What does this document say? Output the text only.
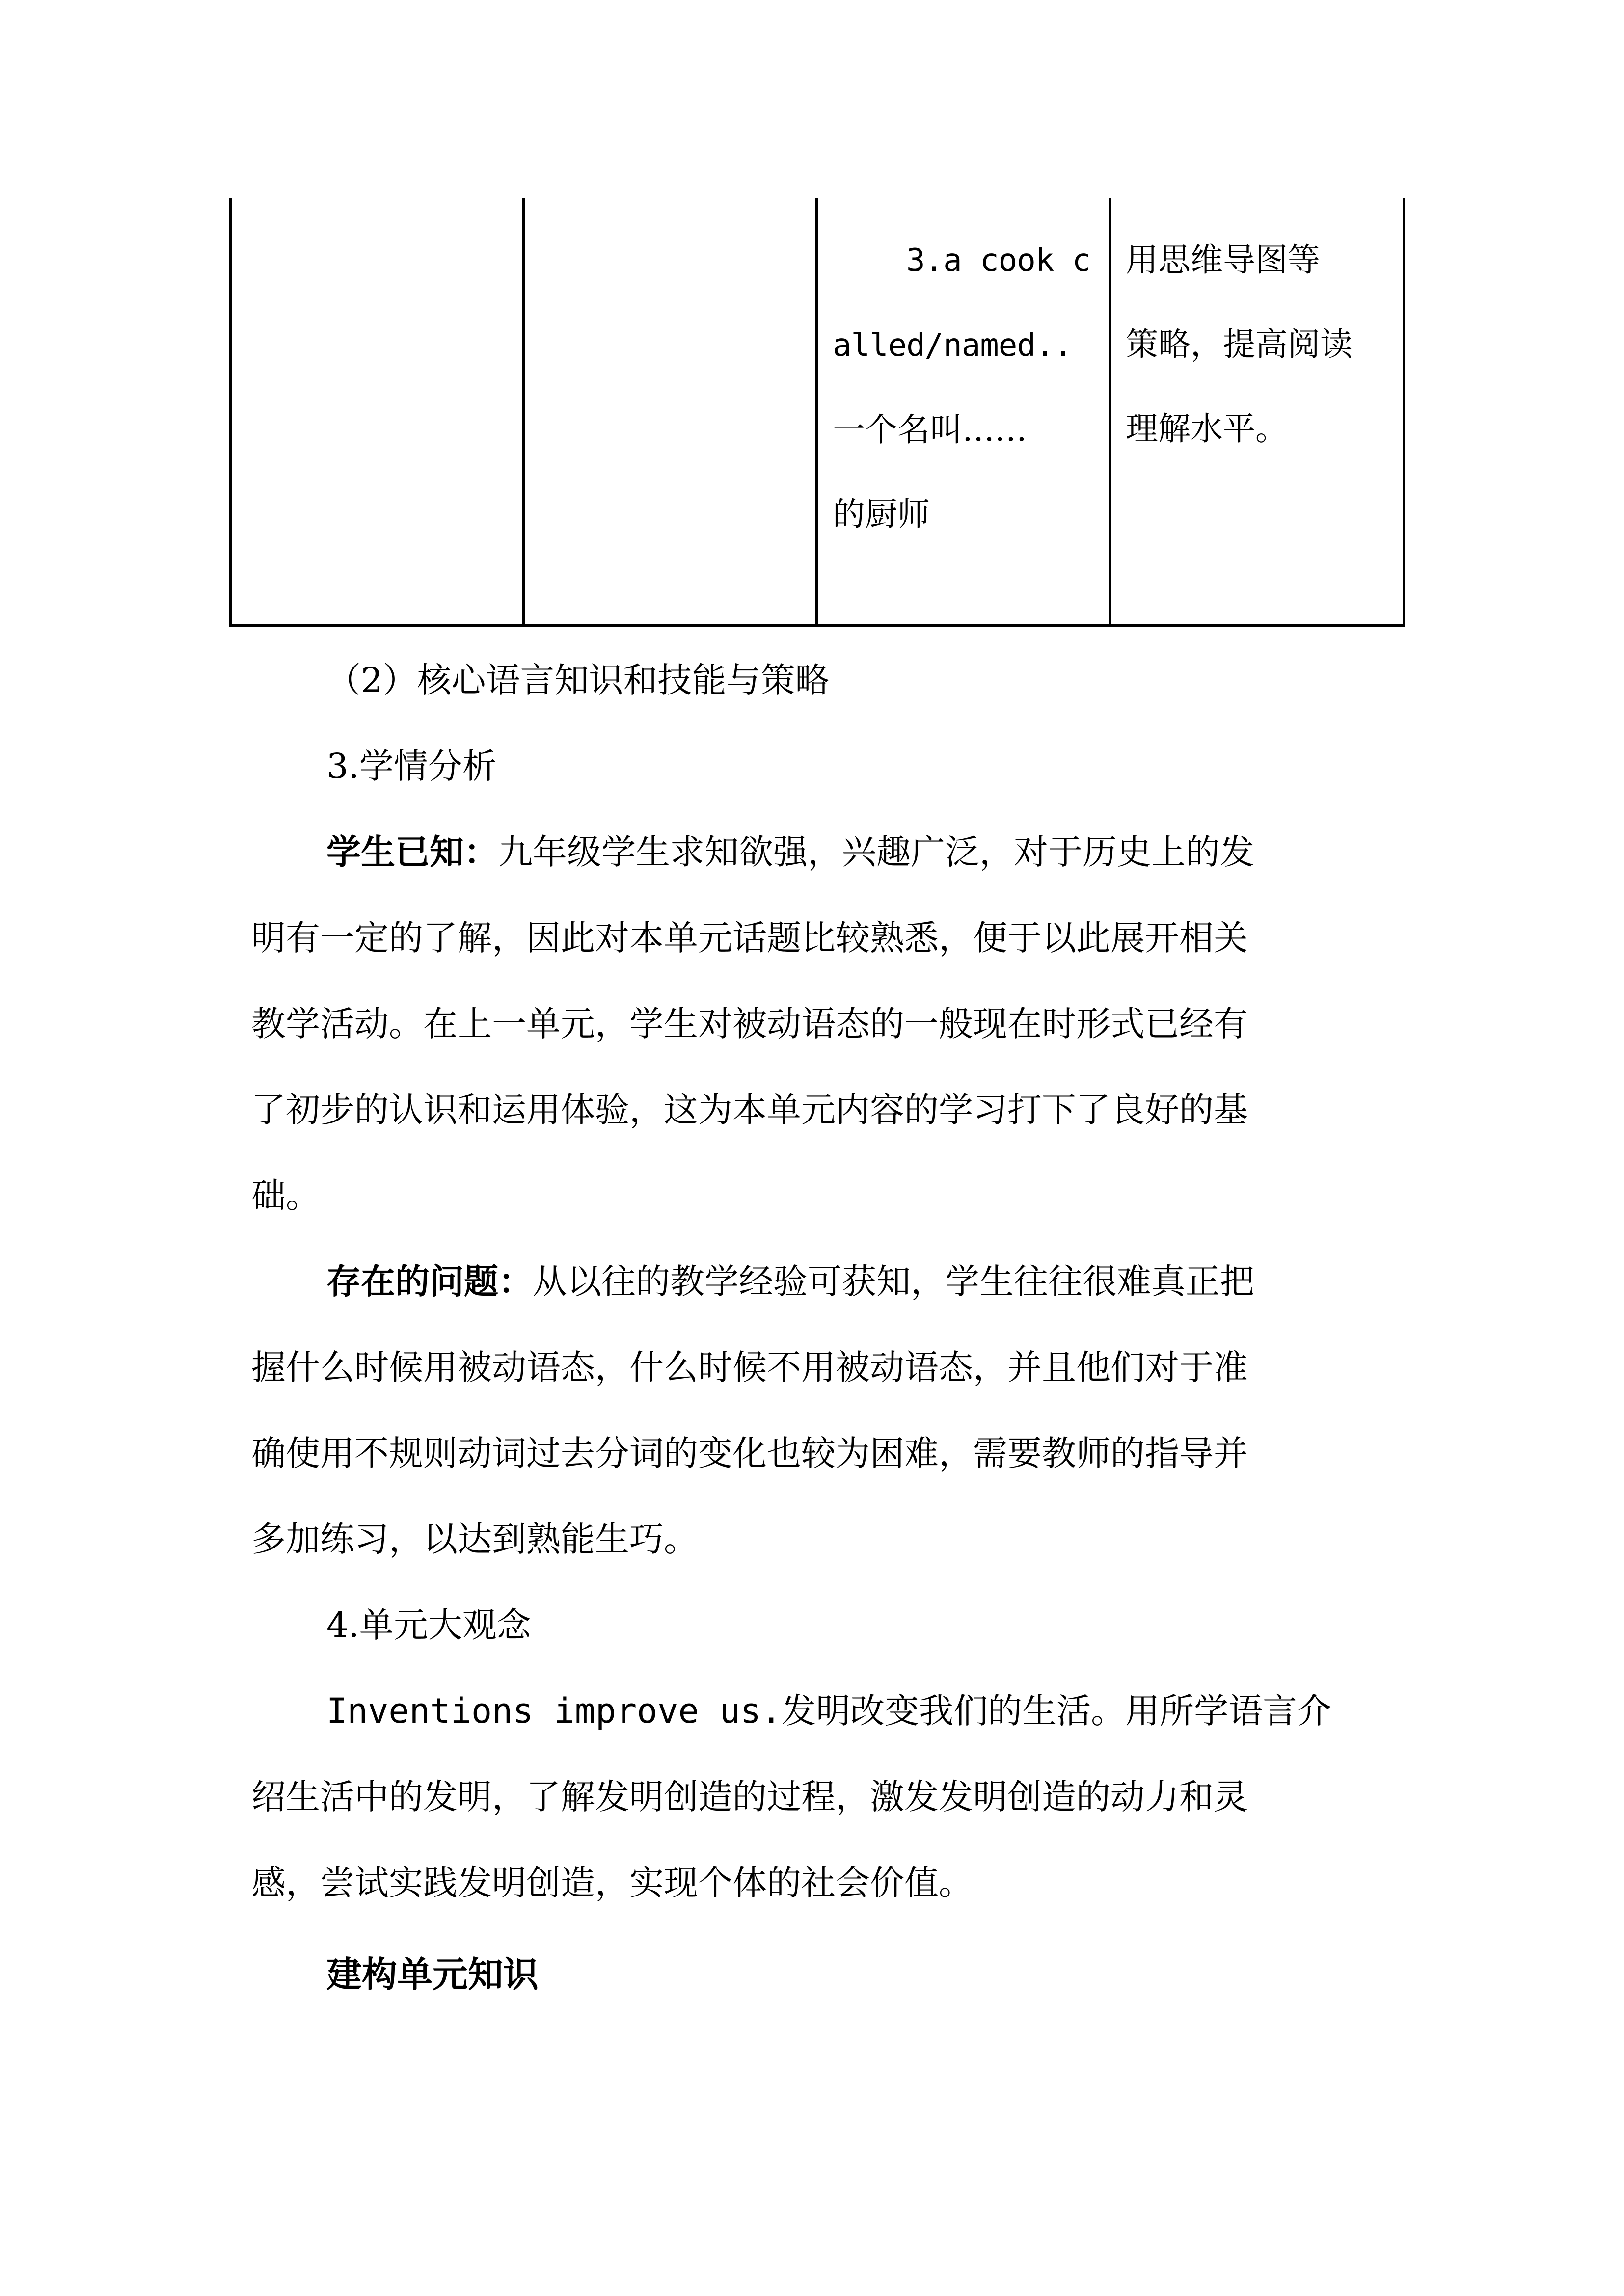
3.a cook c
alled/named..
一个名叫……
的厨师

用思维导图等
策略，提高阅读
理解水平。
（2）核心语言知识和技能与策略
3.学情分析
学生已知：九年级学生求知欲强，兴趣广泛，对于历史上的发
明有一定的了解，因此对本单元话题比较熟悉，便于以此展开相关
教学活动。在上一单元，学生对被动语态的一般现在时形式已经有
了初步的认识和运用体验，这为本单元内容的学习打下了良好的基
础。
存在的问题：从以往的教学经验可获知，学生往往很难真正把
握什么时候用被动语态，什么时候不用被动语态，并且他们对于准
确使用不规则动词过去分词的变化也较为困难，需要教师的指导并
多加练习，以达到熟能生巧。
4.单元大观念
Inventions improve us.发明改变我们的生活。用所学语言介
绍生活中的发明，了解发明创造的过程，激发发明创造的动力和灵
感，尝试实践发明创造，实现个体的社会价值。
建构单元知识
